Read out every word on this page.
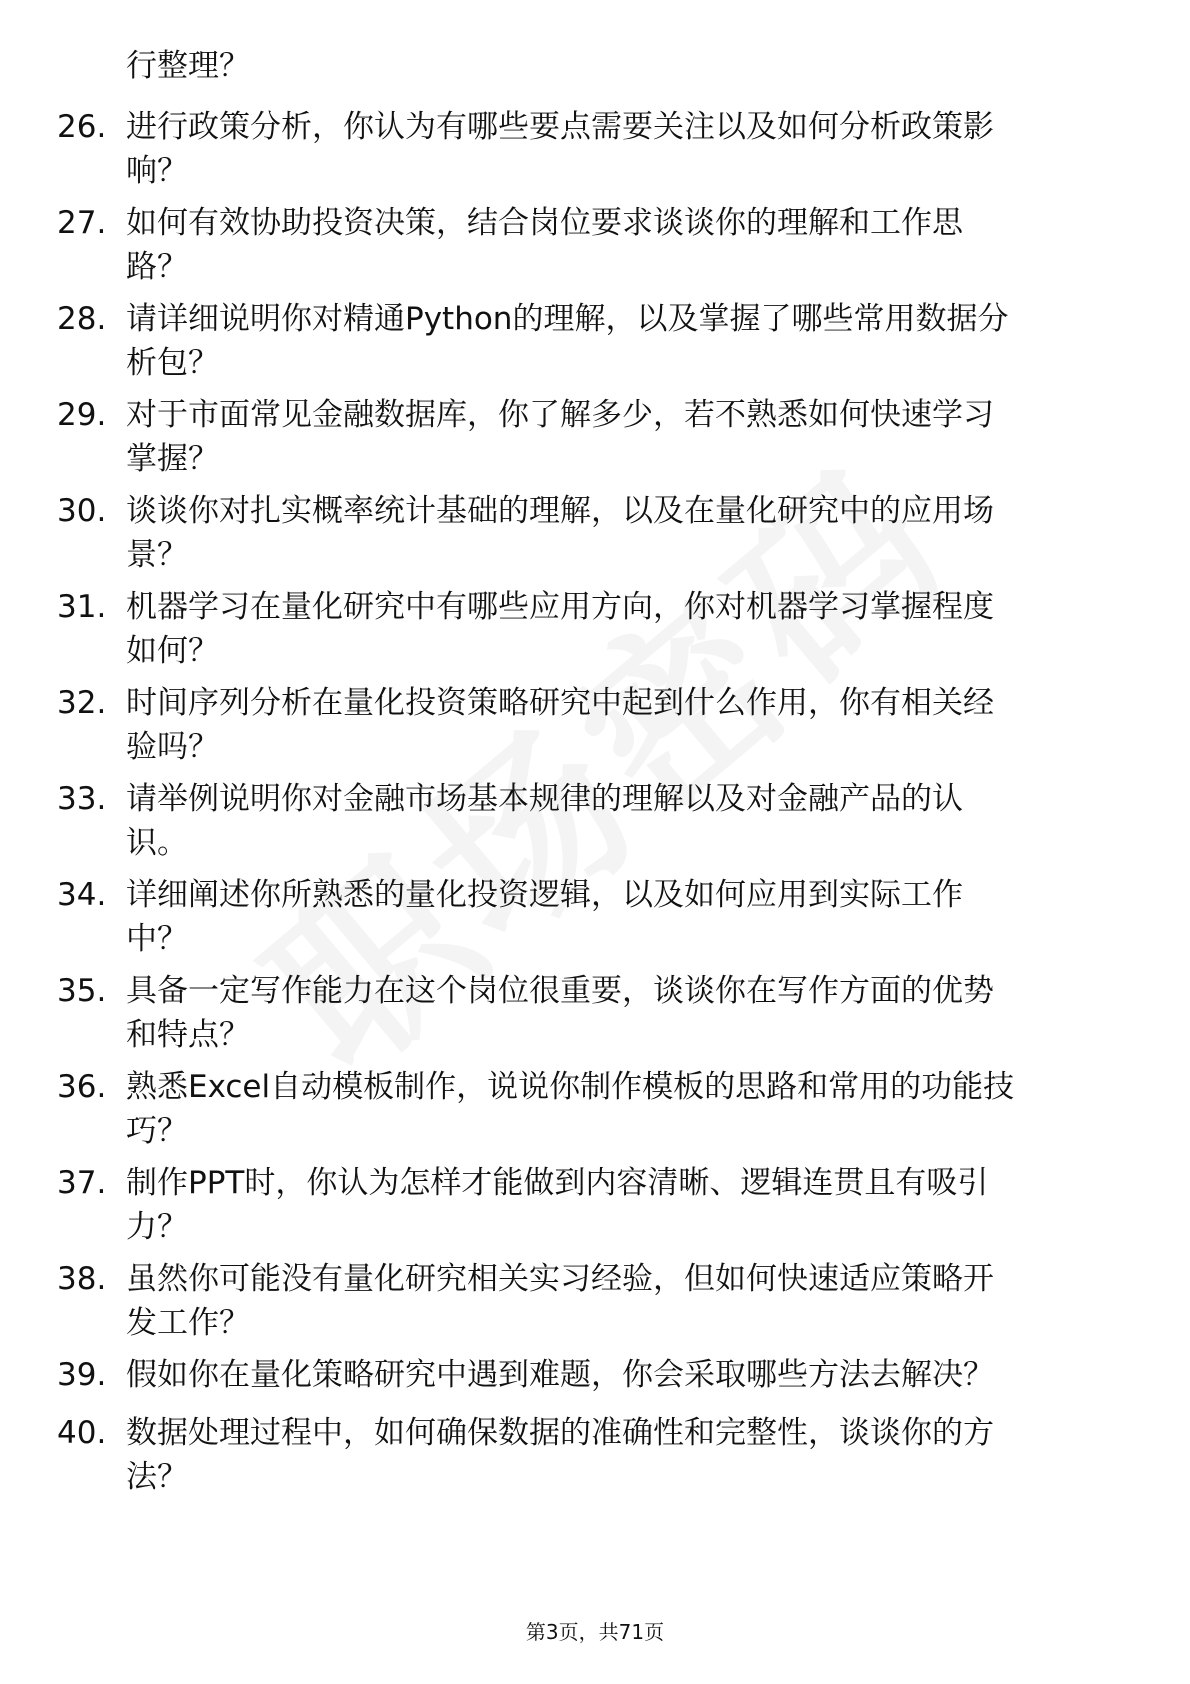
行整理？
26. 进行政策分析，你认为有哪些要点需要关注以及如何分析政策影
响？
27. 如何有效协助投资决策，结合岗位要求谈谈你的理解和工作思
路？
28. 请详细说明你对精通Python的理解，以及掌握了哪些常用数据分
析包？
29. 对于市面常见金融数据库，你了解多少，若不熟悉如何快速学习
掌握？
30. 谈谈你对扎实概率统计基础的理解，以及在量化研究中的应用场
景？
31. 机器学习在量化研究中有哪些应用方向，你对机器学习掌握程度
如何？
32. 时间序列分析在量化投资策略研究中起到什么作用，你有相关经
验吗？
33. 请举例说明你对金融市场基本规律的理解以及对金融产品的认
识。
34. 详细阐述你所熟悉的量化投资逻辑，以及如何应用到实际工作
中？
35. 具备一定写作能力在这个岗位很重要，谈谈你在写作方面的优势
和特点？
36. 熟悉Excel自动模板制作，说说你制作模板的思路和常用的功能技
巧？
37. 制作PPT时，你认为怎样才能做到内容清晰、逻辑连贯且有吸引
力？
38. 虽然你可能没有量化研究相关实习经验，但如何快速适应策略开
发工作？
39. 假如你在量化策略研究中遇到难题，你会采取哪些方法去解决？
40. 数据处理过程中，如何确保数据的准确性和完整性，谈谈你的方
法？
第3页，共71页
